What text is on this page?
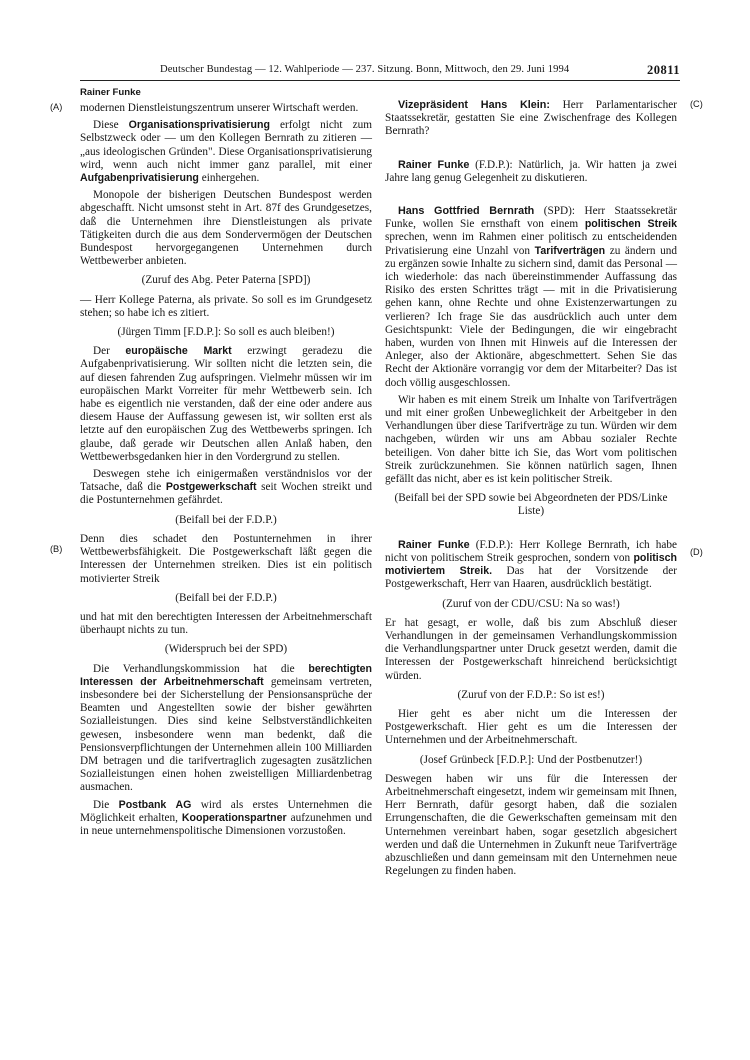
Deutscher Bundestag — 12. Wahlperiode — 237. Sitzung. Bonn, Mittwoch, den 29. Juni 1994	20811
Rainer Funke
(A)
(B)
(C)
(D)

modernen Dienstleistungszentrum unserer Wirtschaft werden.

Diese Organisationsprivatisierung erfolgt nicht zum Selbstzweck oder — um den Kollegen Bernrath zu zitieren — „aus ideologischen Gründen". Diese Organisationsprivatisierung wird, wenn auch nicht immer ganz parallel, mit einer Aufgabenprivatisierung einhergehen.

Monopole der bisherigen Deutschen Bundespost werden abgeschafft. Nicht umsonst steht in Art. 87f des Grundgesetzes, daß die Unternehmen ihre Dienstleistungen als private Tätigkeiten durch die aus dem Sondervermögen der Deutschen Bundespost hervorgegangenen Unternehmen durch Wettbewerber anbieten.

(Zuruf des Abg. Peter Paterna [SPD])

— Herr Kollege Paterna, als private. So soll es im Grundgesetz stehen; so habe ich es zitiert.

(Jürgen Timm [F.D.P.]: So soll es auch bleiben!)

Der europäische Markt erzwingt geradezu die Aufgabenprivatisierung. Wir sollten nicht die letzten sein, die auf diesen fahrenden Zug aufspringen. Vielmehr müssen wir im europäischen Markt Vorreiter für mehr Wettbewerb sein. Ich habe es eigentlich nie verstanden, daß der eine oder andere aus diesem Hause der Auffassung gewesen ist, wir sollten erst als letzte auf den europäischen Zug des Wettbewerbs springen. Ich glaube, daß gerade wir Deutschen allen Anlaß haben, den Wettbewerbsgedanken hier in den Vordergrund zu stellen.

Deswegen stehe ich einigermaßen verständnislos vor der Tatsache, daß die Postgewerkschaft seit Wochen streikt und die Postunternehmen gefährdet.

(Beifall bei der F.D.P.)

Denn dies schadet den Postunternehmen in ihrer Wettbewerbsfähigkeit. Die Postgewerkschaft läßt gegen die Interessen der Unternehmen streiken. Dies ist ein politisch motivierter Streik

(Beifall bei der F.D.P.)

und hat mit den berechtigten Interessen der Arbeitnehmerschaft überhaupt nichts zu tun.

(Widerspruch bei der SPD)

Die Verhandlungskommission hat die berechtigten Interessen der Arbeitnehmerschaft gemeinsam vertreten, insbesondere bei der Sicherstellung der Pensionsansprüche der Beamten und Angestellten sowie der bisher gewährten Sozialleistungen. Dies sind keine Selbstverständlichkeiten gewesen, insbesondere wenn man bedenkt, daß die Pensionsverpflichtungen der Unternehmen allein 100 Milliarden DM betragen und die tarifvertraglich zugesagten zusätzlichen Sozialleistungen einen hohen zweistelligen Milliardenbetrag ausmachen.

Die Postbank AG wird als erstes Unternehmen die Möglichkeit erhalten, Kooperationspartner aufzunehmen und in neue unternehmenspolitische Dimensionen vorzustoßen.

Vizepräsident Hans Klein: Herr Parlamentarischer Staatssekretär, gestatten Sie eine Zwischenfrage des Kollegen Bernrath?

Rainer Funke (F.D.P.): Natürlich, ja. Wir hatten ja zwei Jahre lang genug Gelegenheit zu diskutieren.

Hans Gottfried Bernrath (SPD): Herr Staatssekretär Funke, wollen Sie ernsthaft von einem politischen Streik sprechen, wenn im Rahmen einer politisch zu entscheidenden Privatisierung eine Unzahl von Tarifverträgen zu ändern und zu ergänzen sowie Inhalte zu sichern sind, damit das Personal — ich wiederhole: das nach übereinstimmender Auffassung das Risiko des ersten Schrittes trägt — mit in die Privatisierung gehen kann, ohne Rechte und ohne Existenzerwartungen zu verlieren? Ich frage Sie das ausdrücklich auch unter dem Gesichtspunkt: Viele der Bedingungen, die wir eingebracht haben, wurden von Ihnen mit Hinweis auf die Interessen der Anleger, also der Aktionäre, abgeschmettert. Sehen Sie das Recht der Aktionäre vorrangig vor dem der Mitarbeiter? Das ist doch völlig ausgeschlossen.

Wir haben es mit einem Streik um Inhalte von Tarifverträgen und mit einer großen Unbeweglichkeit der Arbeitgeber in den Verhandlungen über diese Tarifverträge zu tun. Würden wir dem nachgeben, würden wir uns am Abbau sozialer Rechte beteiligen. Von daher bitte ich Sie, das Wort vom politischen Streik zurückzunehmen. Sie können natürlich sagen, Ihnen gefällt das nicht, aber es ist kein politischer Streik.

(Beifall bei der SPD sowie bei Abgeordneten der PDS/Linke Liste)

Rainer Funke (F.D.P.): Herr Kollege Bernrath, ich habe nicht von politischem Streik gesprochen, sondern von politisch motiviertem Streik. Das hat der Vorsitzende der Postgewerkschaft, Herr van Haaren, ausdrücklich bestätigt.

(Zuruf von der CDU/CSU: Na so was!)

Er hat gesagt, er wolle, daß bis zum Abschluß dieser Verhandlungen in der gemeinsamen Verhandlungskommission die Verhandlungspartner unter Druck gesetzt werden, damit die Interessen der Postgewerkschaft hinreichend berücksichtigt würden.

(Zuruf von der F.D.P.: So ist es!)

Hier geht es aber nicht um die Interessen der Postgewerkschaft. Hier geht es um die Interessen der Unternehmen und der Arbeitnehmerschaft.

(Josef Grünbeck [F.D.P.]: Und der Postbenutzer!)

Deswegen haben wir uns für die Interessen der Arbeitnehmerschaft eingesetzt, indem wir gemeinsam mit Ihnen, Herr Bernrath, dafür gesorgt haben, daß die sozialen Errungenschaften, die die Gewerkschaften gemeinsam mit den Unternehmen vereinbart haben, sogar gesetzlich abgesichert werden und daß die Unternehmen in Zukunft neue Tarifverträge abzuschließen und dann gemeinsam mit den Unternehmen neue Regelungen zu finden haben.
